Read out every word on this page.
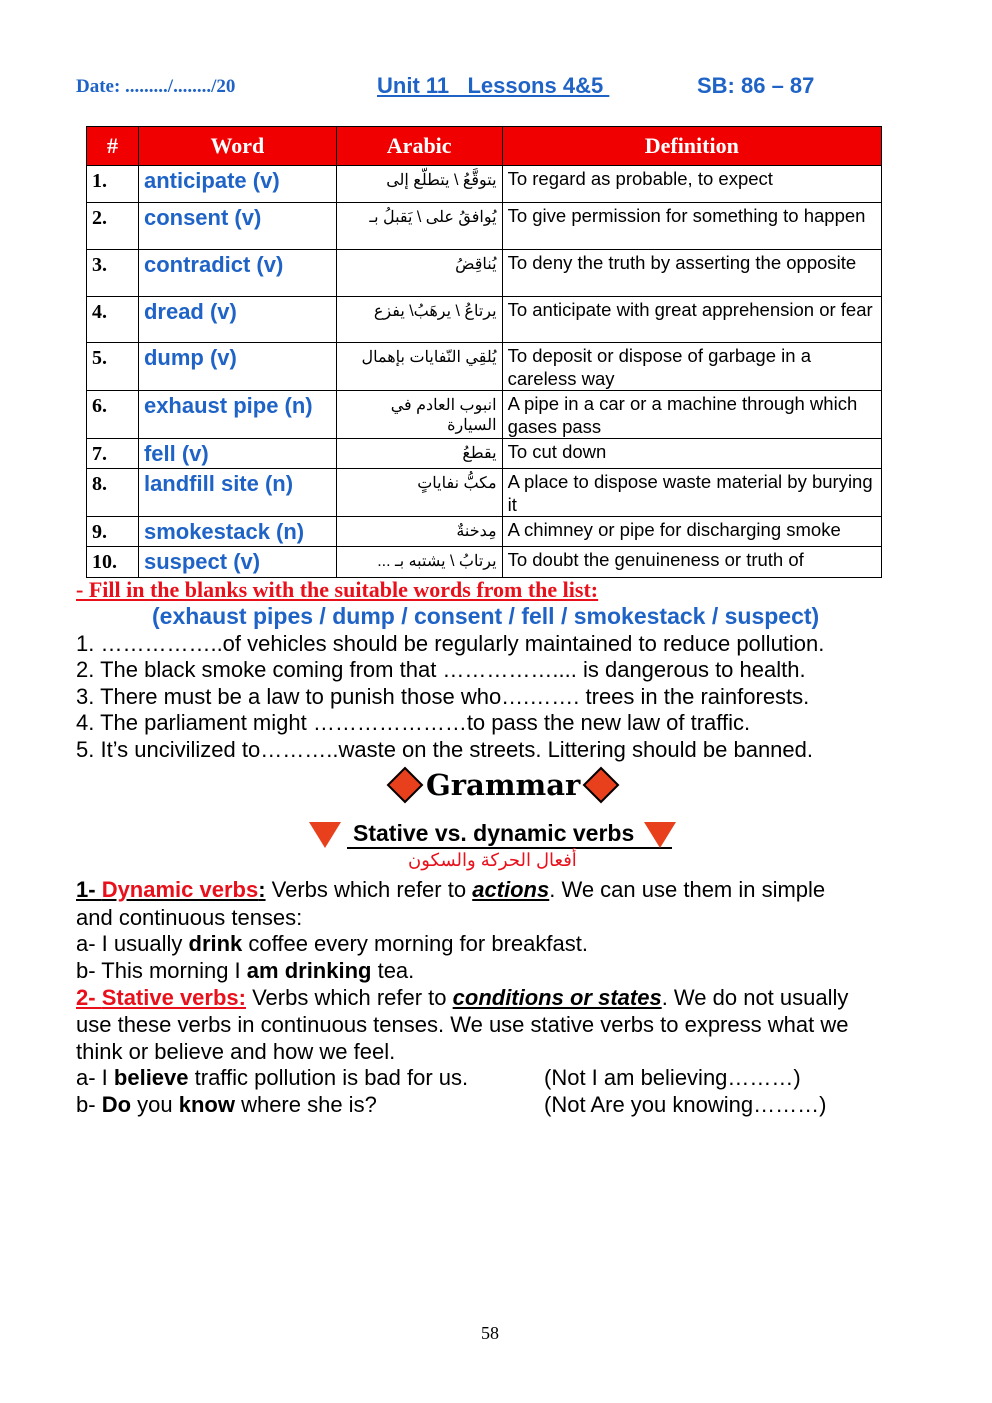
Date: ........./......../20	Unit 11   Lessons 4&5	SB: 86 – 87
#	Word	Arabic	Definition
1.	anticipate (v)	يتوقَّعُ \ يتطلّع إلى	To regard as probable, to expect
2.	consent (v)	يُوافقُ على \ يَقبلُ بـ	To give permission for something to happen
3.	contradict (v)	يُناقِضُ	To deny the truth by asserting the opposite
4.	dread (v)	يرتاعُ \ يرهَبُ\ يفزع	To anticipate with great apprehension or fear
5.	dump (v)	يُلقِي النّفايات بإهمال	To deposit or dispose of garbage in a careless way
6.	exhaust pipe (n)	انبوب العادم في السيارة	A pipe in a car or a machine through which gases pass
7.	fell (v)	يقطعُ	To cut down
8.	landfill site (n)	مكبُّ نفاياتٍ	A place to dispose waste material by burying it
9.	smokestack (n)	مِدخنةٌ	A chimney or pipe for discharging smoke
10.	suspect (v)	يرتابُ \ يشتبه بـ ...	To doubt the genuineness or truth of
- Fill in the blanks with the suitable words from the list:
(exhaust pipes / dump / consent / fell / smokestack / suspect)
1. ……………..of vehicles should be regularly maintained to reduce pollution.
2. The black smoke coming from that …………….... is dangerous to health.
3. There must be a law to punish those who….……. trees in the rainforests.
4. The parliament might …………………to pass the new law of traffic.
5. It’s uncivilized to………..waste on the streets. Littering should be banned.
Grammar
Stative vs. dynamic verbs
أفعال الحركة والسكون
1- Dynamic verbs: Verbs which refer to actions. We can use them in simple
and continuous tenses:
a- I usually drink coffee every morning for breakfast.
b- This morning I am drinking tea.
2- Stative verbs: Verbs which refer to conditions or states. We do not usually
use these verbs in continuous tenses. We use stative verbs to express what we
think or believe and how we feel.
a- I believe traffic pollution is bad for us.	(Not I am believing………)
b- Do you know where she is?	(Not Are you knowing………)
58
